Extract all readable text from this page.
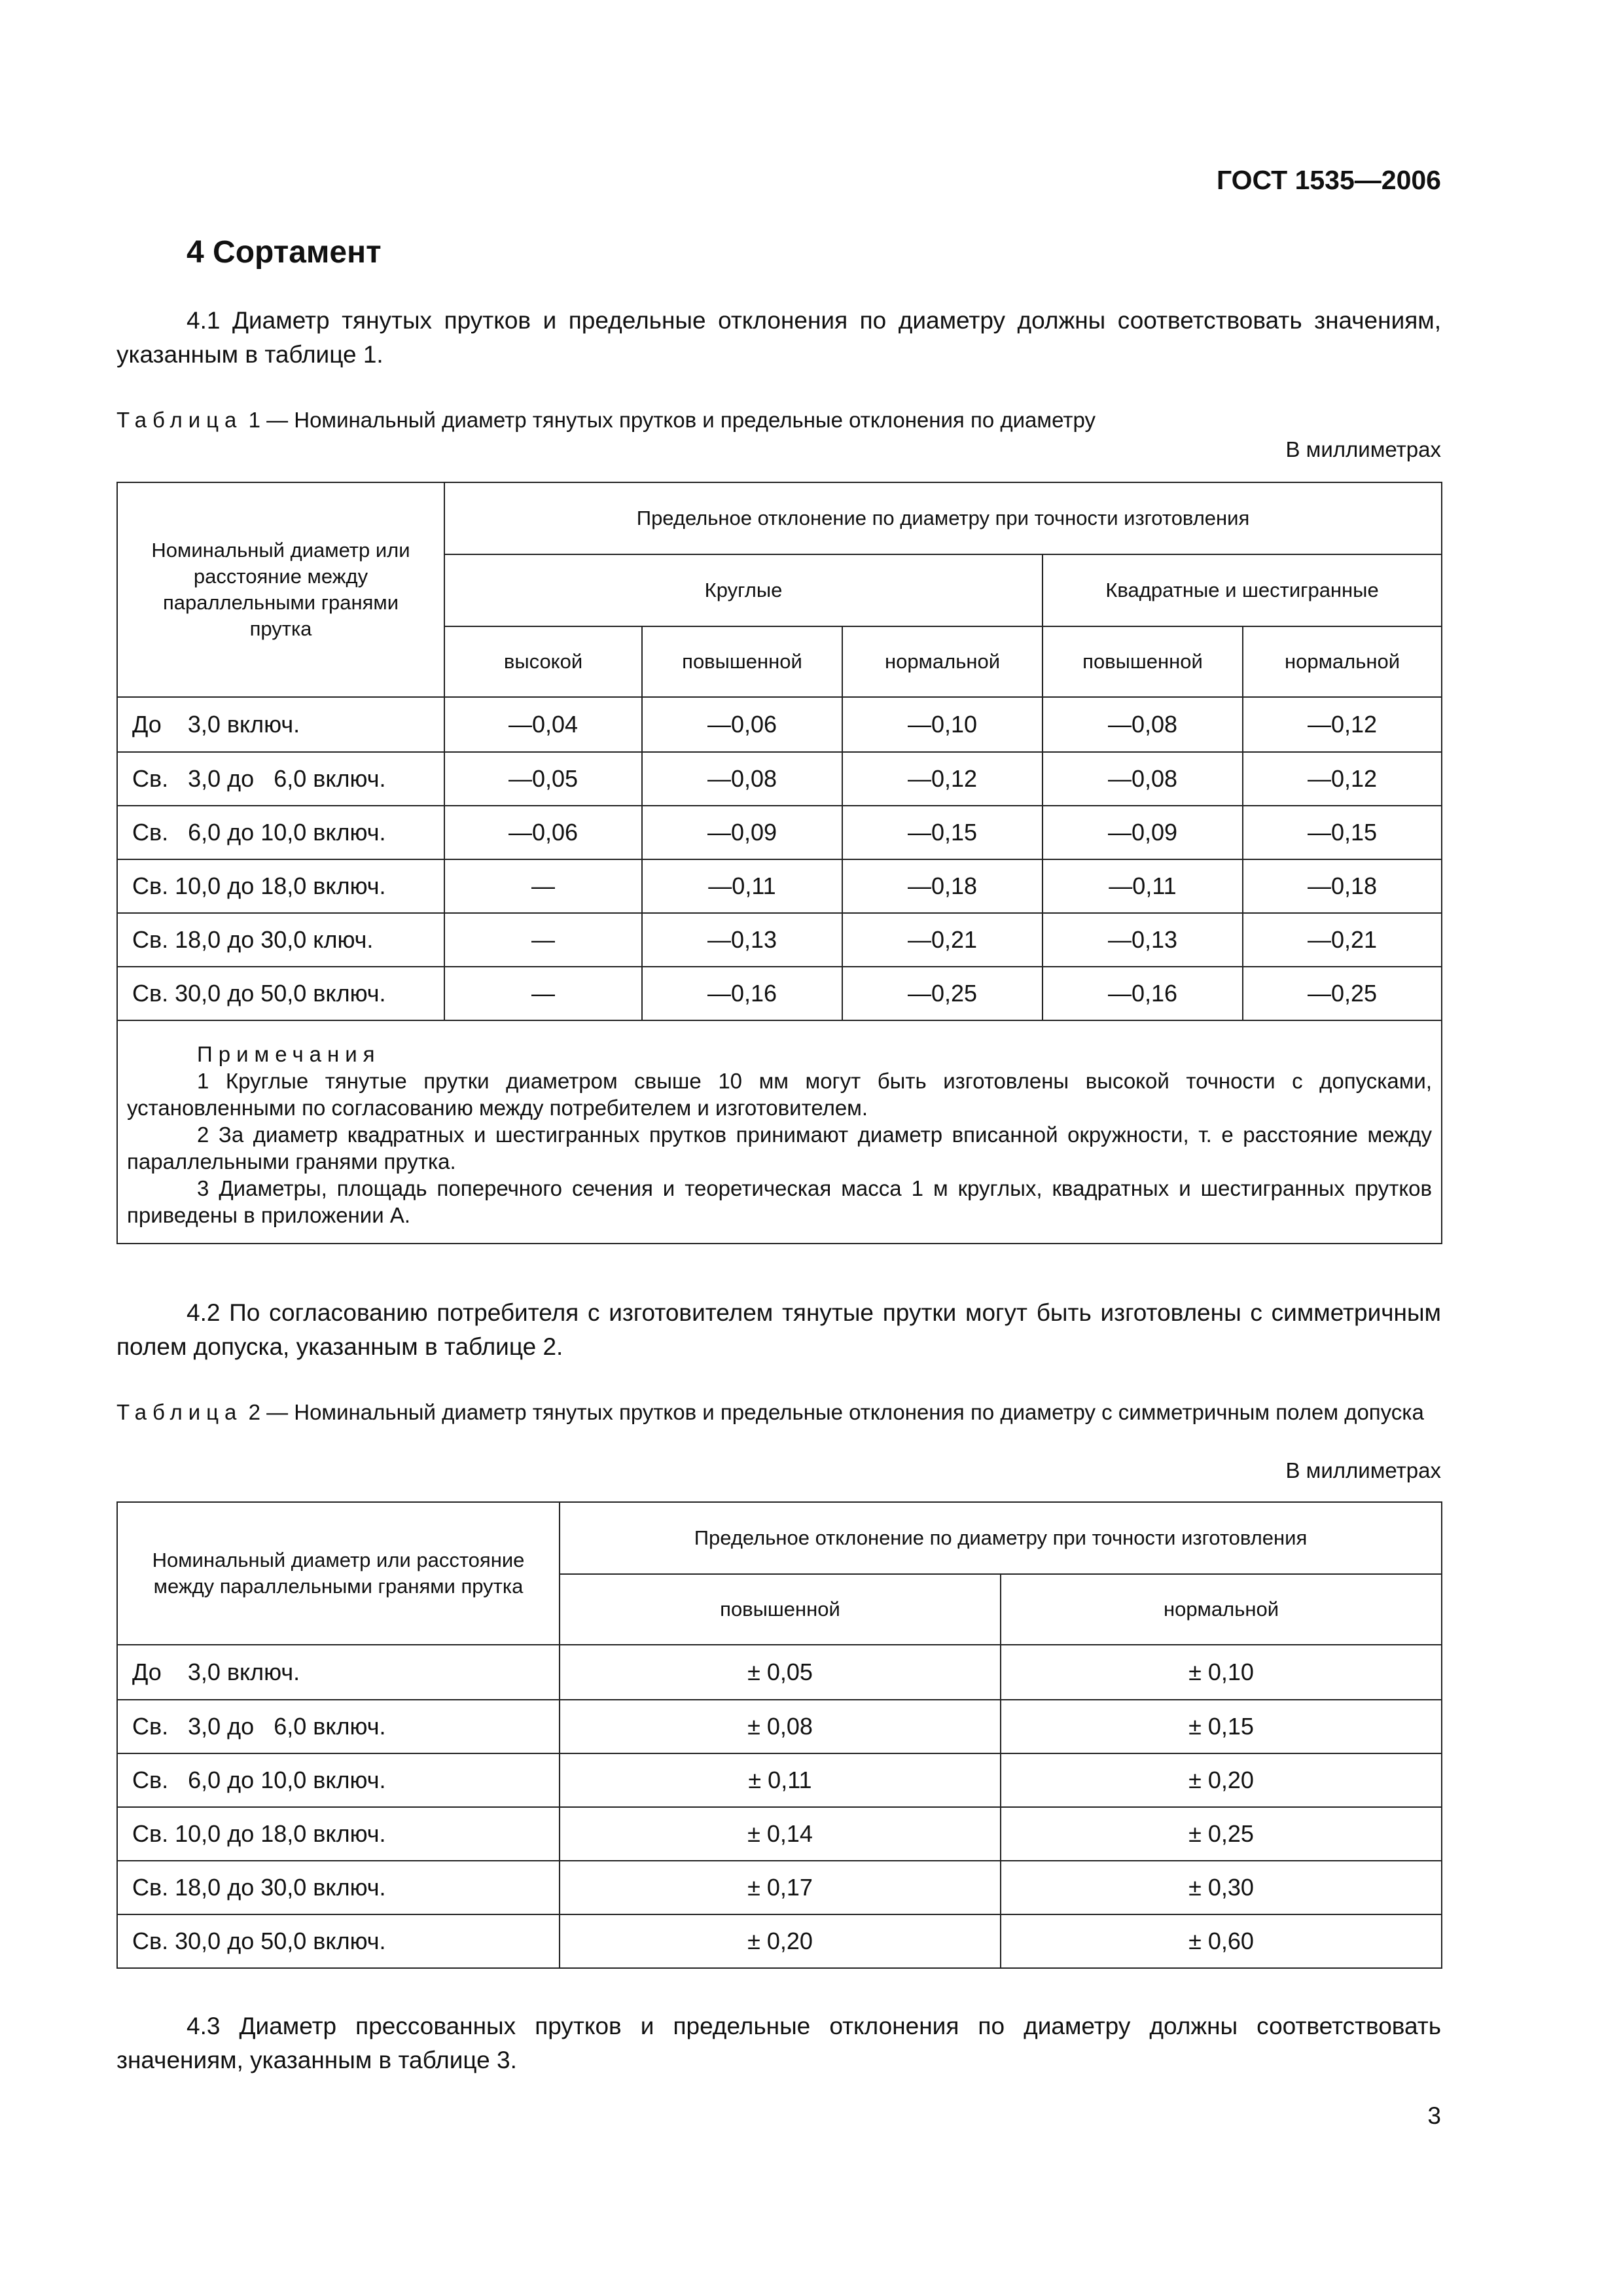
ГОСТ 1535—2006
4 Сортамент

4.1 Диаметр тянутых прутков и предельные отклонения по диаметру должны соответствовать значениям, указанным в таблице 1.

Таблица 1 — Номинальный диаметр тянутых прутков и предельные отклонения по диаметру

В миллиметрах
Номинальный диаметр или расстояние между параллельными гранями прутка	Предельное отклонение по диаметру при точности изготовления				
	Круглые			Квадратные и шестигранные	
	высокой	повышенной	нормальной	повышенной	нормальной
До    3,0 включ.	—0,04	—0,06	—0,10	—0,08	—0,12
Св.   3,0 до   6,0 включ.	—0,05	—0,08	—0,12	—0,08	—0,12
Св.   6,0 до 10,0 включ.	—0,06	—0,09	—0,15	—0,09	—0,15
Св. 10,0 до 18,0 включ.	—	—0,11	—0,18	—0,11	—0,18
Св. 18,0 до 30,0 ключ.	—	—0,13	—0,21	—0,13	—0,21
Св. 30,0 до 50,0 включ.	—	—0,16	—0,25	—0,16	—0,25

Примечания

1 Круглые тянутые прутки диаметром свыше 10 мм могут быть изготовлены высокой точности с допусками, установленными по согласованию между потребителем и изготовителем.

2 За диаметр квадратных и шестигранных прутков принимают диаметр вписанной окружности, т. е расстояние между параллельными гранями прутка.

3 Диаметры, площадь поперечного сечения и теоретическая масса 1 м круглых, квадратных и шестигранных прутков приведены в приложении А.					

4.2 По согласованию потребителя с изготовителем тянутые прутки могут быть изготовлены с симметричным полем допуска, указанным в таблице 2.

Таблица 2 — Номинальный диаметр тянутых прутков и предельные отклонения по диаметру с симметричным полем допуска

В миллиметрах
Номинальный диаметр или расстояние между параллельными гранями прутка	Предельное отклонение по диаметру при точности изготовления	
	повышенной	нормальной
До    3,0 включ.	± 0,05	± 0,10
Св.   3,0 до   6,0 включ.	± 0,08	± 0,15
Св.   6,0 до 10,0 включ.	± 0,11	± 0,20
Св. 10,0 до 18,0 включ.	± 0,14	± 0,25
Св. 18,0 до 30,0 включ.	± 0,17	± 0,30
Св. 30,0 до 50,0 включ.	± 0,20	± 0,60

4.3 Диаметр прессованных прутков и предельные отклонения по диаметру должны соответствовать значениям, указанным в таблице 3.

3
